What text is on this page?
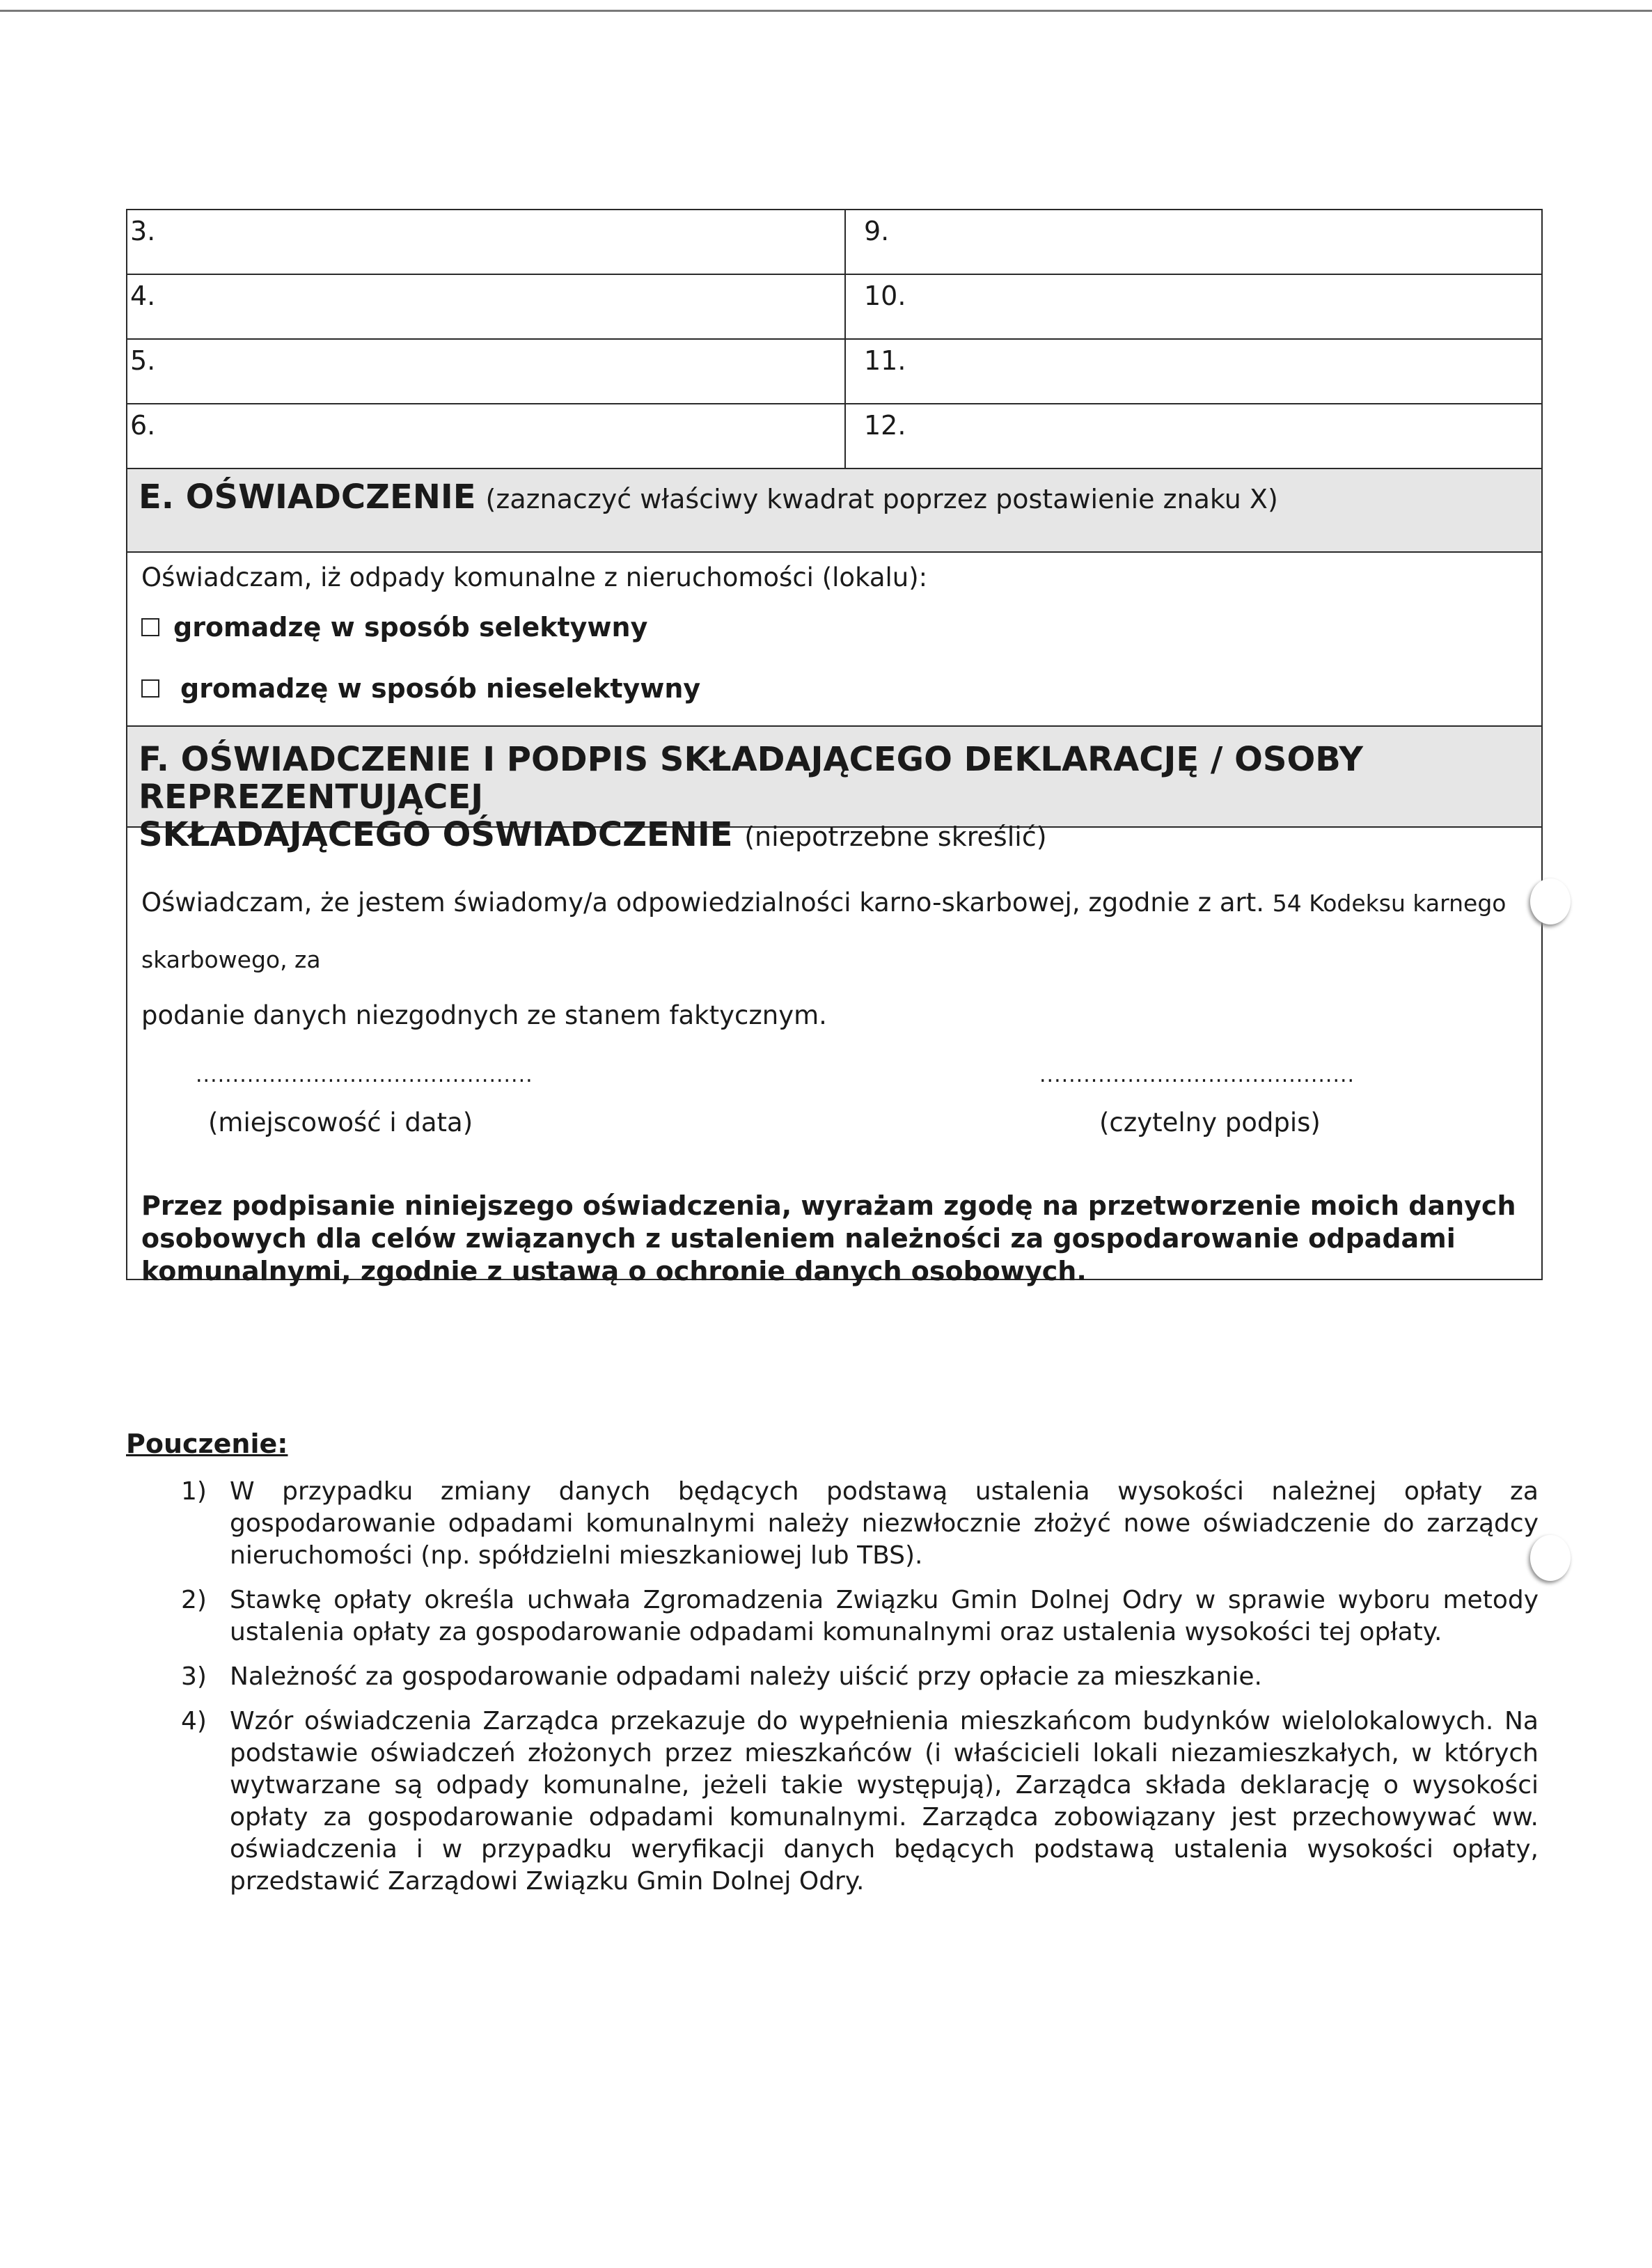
3.	9.
4.	10.
5.	11.
6.	12.
E. OŚWIADCZENIE (zaznaczyć właściwy kwadrat poprzez postawienie znaku X)
Oświadczam, iż odpady komunalne z nieruchomości (lokalu):
gromadzę w sposób selektywny
gromadzę w sposób nieselektywny
F. OŚWIADCZENIE I PODPIS SKŁADAJĄCEGO DEKLARACJĘ / OSOBY REPREZENTUJĄCEJ
SKŁADAJĄCEGO OŚWIADCZENIE (niepotrzebne skreślić)
Oświadczam, że jestem świadomy/a odpowiedzialności karno-skarbowej, zgodnie z art. 54 Kodeksu karnego skarbowego, za
podanie danych niezgodnych ze stanem faktycznym.
..............................................	...........................................
(miejscowość i data)	(czytelny podpis)
Przez podpisanie niniejszego oświadczenia, wyrażam zgodę na przetworzenie moich danych osobowych dla celów związanych z ustaleniem należności za gospodarowanie odpadami komunalnymi, zgodnie z ustawą o ochronie danych osobowych.
Pouczenie:
1) W przypadku zmiany danych będących podstawą ustalenia wysokości należnej opłaty za gospodarowanie odpadami komunalnymi należy niezwłocznie złożyć nowe oświadczenie do zarządcy nieruchomości (np. spółdzielni mieszkaniowej lub TBS).
2) Stawkę opłaty określa uchwała Zgromadzenia Związku Gmin Dolnej Odry w sprawie wyboru metody ustalenia opłaty za gospodarowanie odpadami komunalnymi oraz ustalenia wysokości tej opłaty.
3) Należność za gospodarowanie odpadami należy uiścić przy opłacie za mieszkanie.
4) Wzór oświadczenia Zarządca przekazuje do wypełnienia mieszkańcom budynków wielolokalowych. Na podstawie oświadczeń złożonych przez mieszkańców (i właścicieli lokali niezamieszkałych, w których wytwarzane są odpady komunalne, jeżeli takie występują), Zarządca składa deklarację o wysokości opłaty za gospodarowanie odpadami komunalnymi. Zarządca zobowiązany jest przechowywać ww. oświadczenia i w przypadku weryfikacji danych będących podstawą ustalenia wysokości opłaty, przedstawić Zarządowi Związku Gmin Dolnej Odry.
